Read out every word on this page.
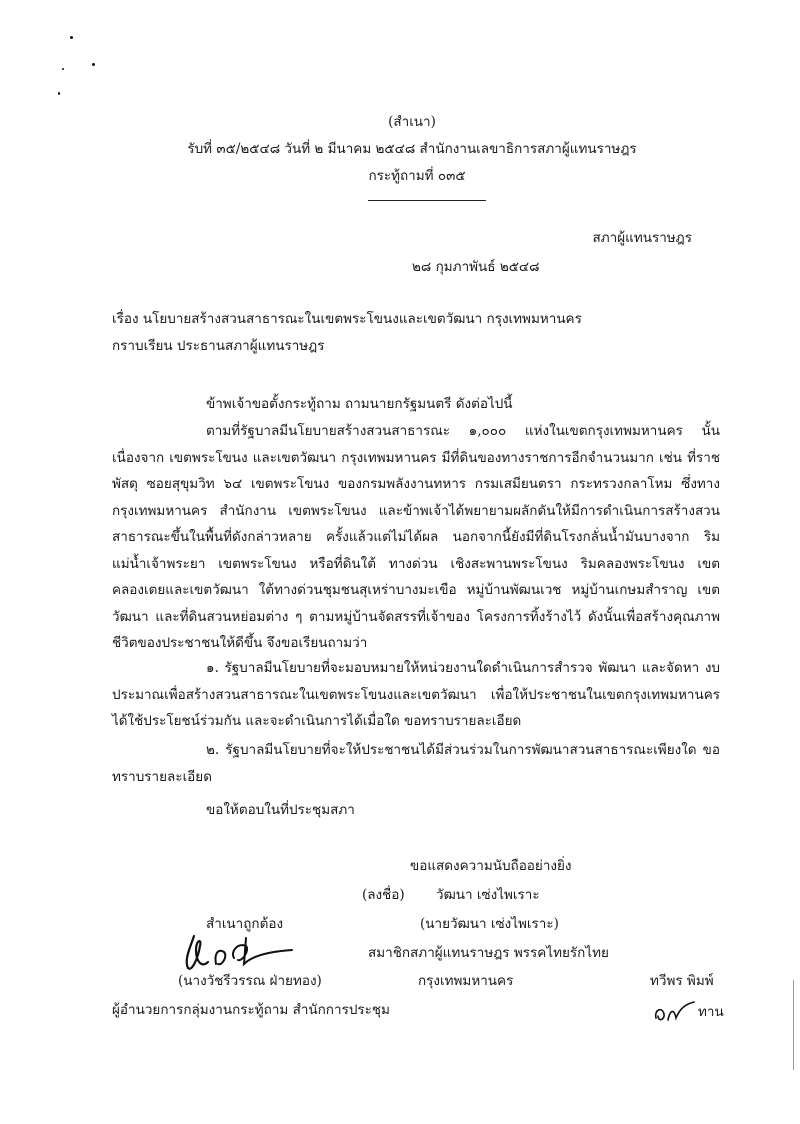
(สำเนา)
รับที่ ๓๕/๒๕๔๘ วันที่ ๒ มีนาคม ๒๕๔๘ สำนักงานเลขาธิการสภาผู้แทนราษฎร
กระทู้ถามที่ ๐๓๕
สภาผู้แทนราษฎร
๒๘ กุมภาพันธ์ ๒๕๔๘
เรื่อง นโยบายสร้างสวนสาธารณะในเขตพระโขนงและเขตวัฒนา กรุงเทพมหานคร
กราบเรียน ประธานสภาผู้แทนราษฎร
ข้าพเจ้าขอตั้งกระทู้ถาม ถามนายกรัฐมนตรี ดังต่อไปนี้
ตามที่รัฐบาลมีนโยบายสร้างสวนสาธารณะ ๑,๐๐๐ แห่งในเขตกรุงเทพมหานคร นั้นเนื่องจาก เขตพระโขนง และเขตวัฒนา กรุงเทพมหานคร มีที่ดินของทางราชการอีกจำนวนมาก เช่น ที่ราชพัสดุ ซอยสุขุมวิท ๖๔ เขตพระโขนง ของกรมพลังงานทหาร กรมเสมียนตรา กระทรวงกลาโหม ซึ่งทางกรุงเทพมหานคร สำนักงาน เขตพระโขนง และข้าพเจ้าได้พยายามผลักดันให้มีการดำเนินการสร้างสวนสาธารณะขึ้นในพื้นที่ดังกล่าวหลาย ครั้งแล้วแต่ไม่ได้ผล นอกจากนี้ยังมีที่ดินโรงกลั่นน้ำมันบางจาก ริมแม่น้ำเจ้าพระยา เขตพระโขนง หรือที่ดินใต้ ทางด่วน เชิงสะพานพระโขนง ริมคลองพระโขนง เขตคลองเตยและเขตวัฒนา ใต้ทางด่วนชุมชนสุเหร่าบางมะเขือ หมู่บ้านพัฒนเวช หมู่บ้านเกษมสำราญ เขตวัฒนา และที่ดินสวนหย่อมต่าง ๆ ตามหมู่บ้านจัดสรรที่เจ้าของ โครงการทิ้งร้างไว้ ดังนั้นเพื่อสร้างคุณภาพชีวิตของประชาชนให้ดีขึ้น จึงขอเรียนถามว่า
๑. รัฐบาลมีนโยบายที่จะมอบหมายให้หน่วยงานใดดำเนินการสำรวจ พัฒนา และจัดหา งบประมาณเพื่อสร้างสวนสาธารณะในเขตพระโขนงและเขตวัฒนา เพื่อให้ประชาชนในเขตกรุงเทพมหานคร ได้ใช้ประโยชน์ร่วมกัน และจะดำเนินการได้เมื่อใด ขอทราบรายละเอียด
๒. รัฐบาลมีนโยบายที่จะให้ประชาชนได้มีส่วนร่วมในการพัฒนาสวนสาธารณะเพียงใด ขอทราบรายละเอียด
ขอให้ตอบในที่ประชุมสภา
ขอแสดงความนับถืออย่างยิ่ง
(ลงชื่อ) วัฒนา เซ่งไพเราะ
(นายวัฒนา เซ่งไพเราะ)
สมาชิกสภาผู้แทนราษฎร พรรคไทยรักไทย
กรุงเทพมหานคร
สำเนาถูกต้อง
(นางวัชรีวรรณ ฝ่ายทอง)
ผู้อำนวยการกลุ่มงานกระทู้ถาม สำนักการประชุม
ทวีพร พิมพ์
ทาน
